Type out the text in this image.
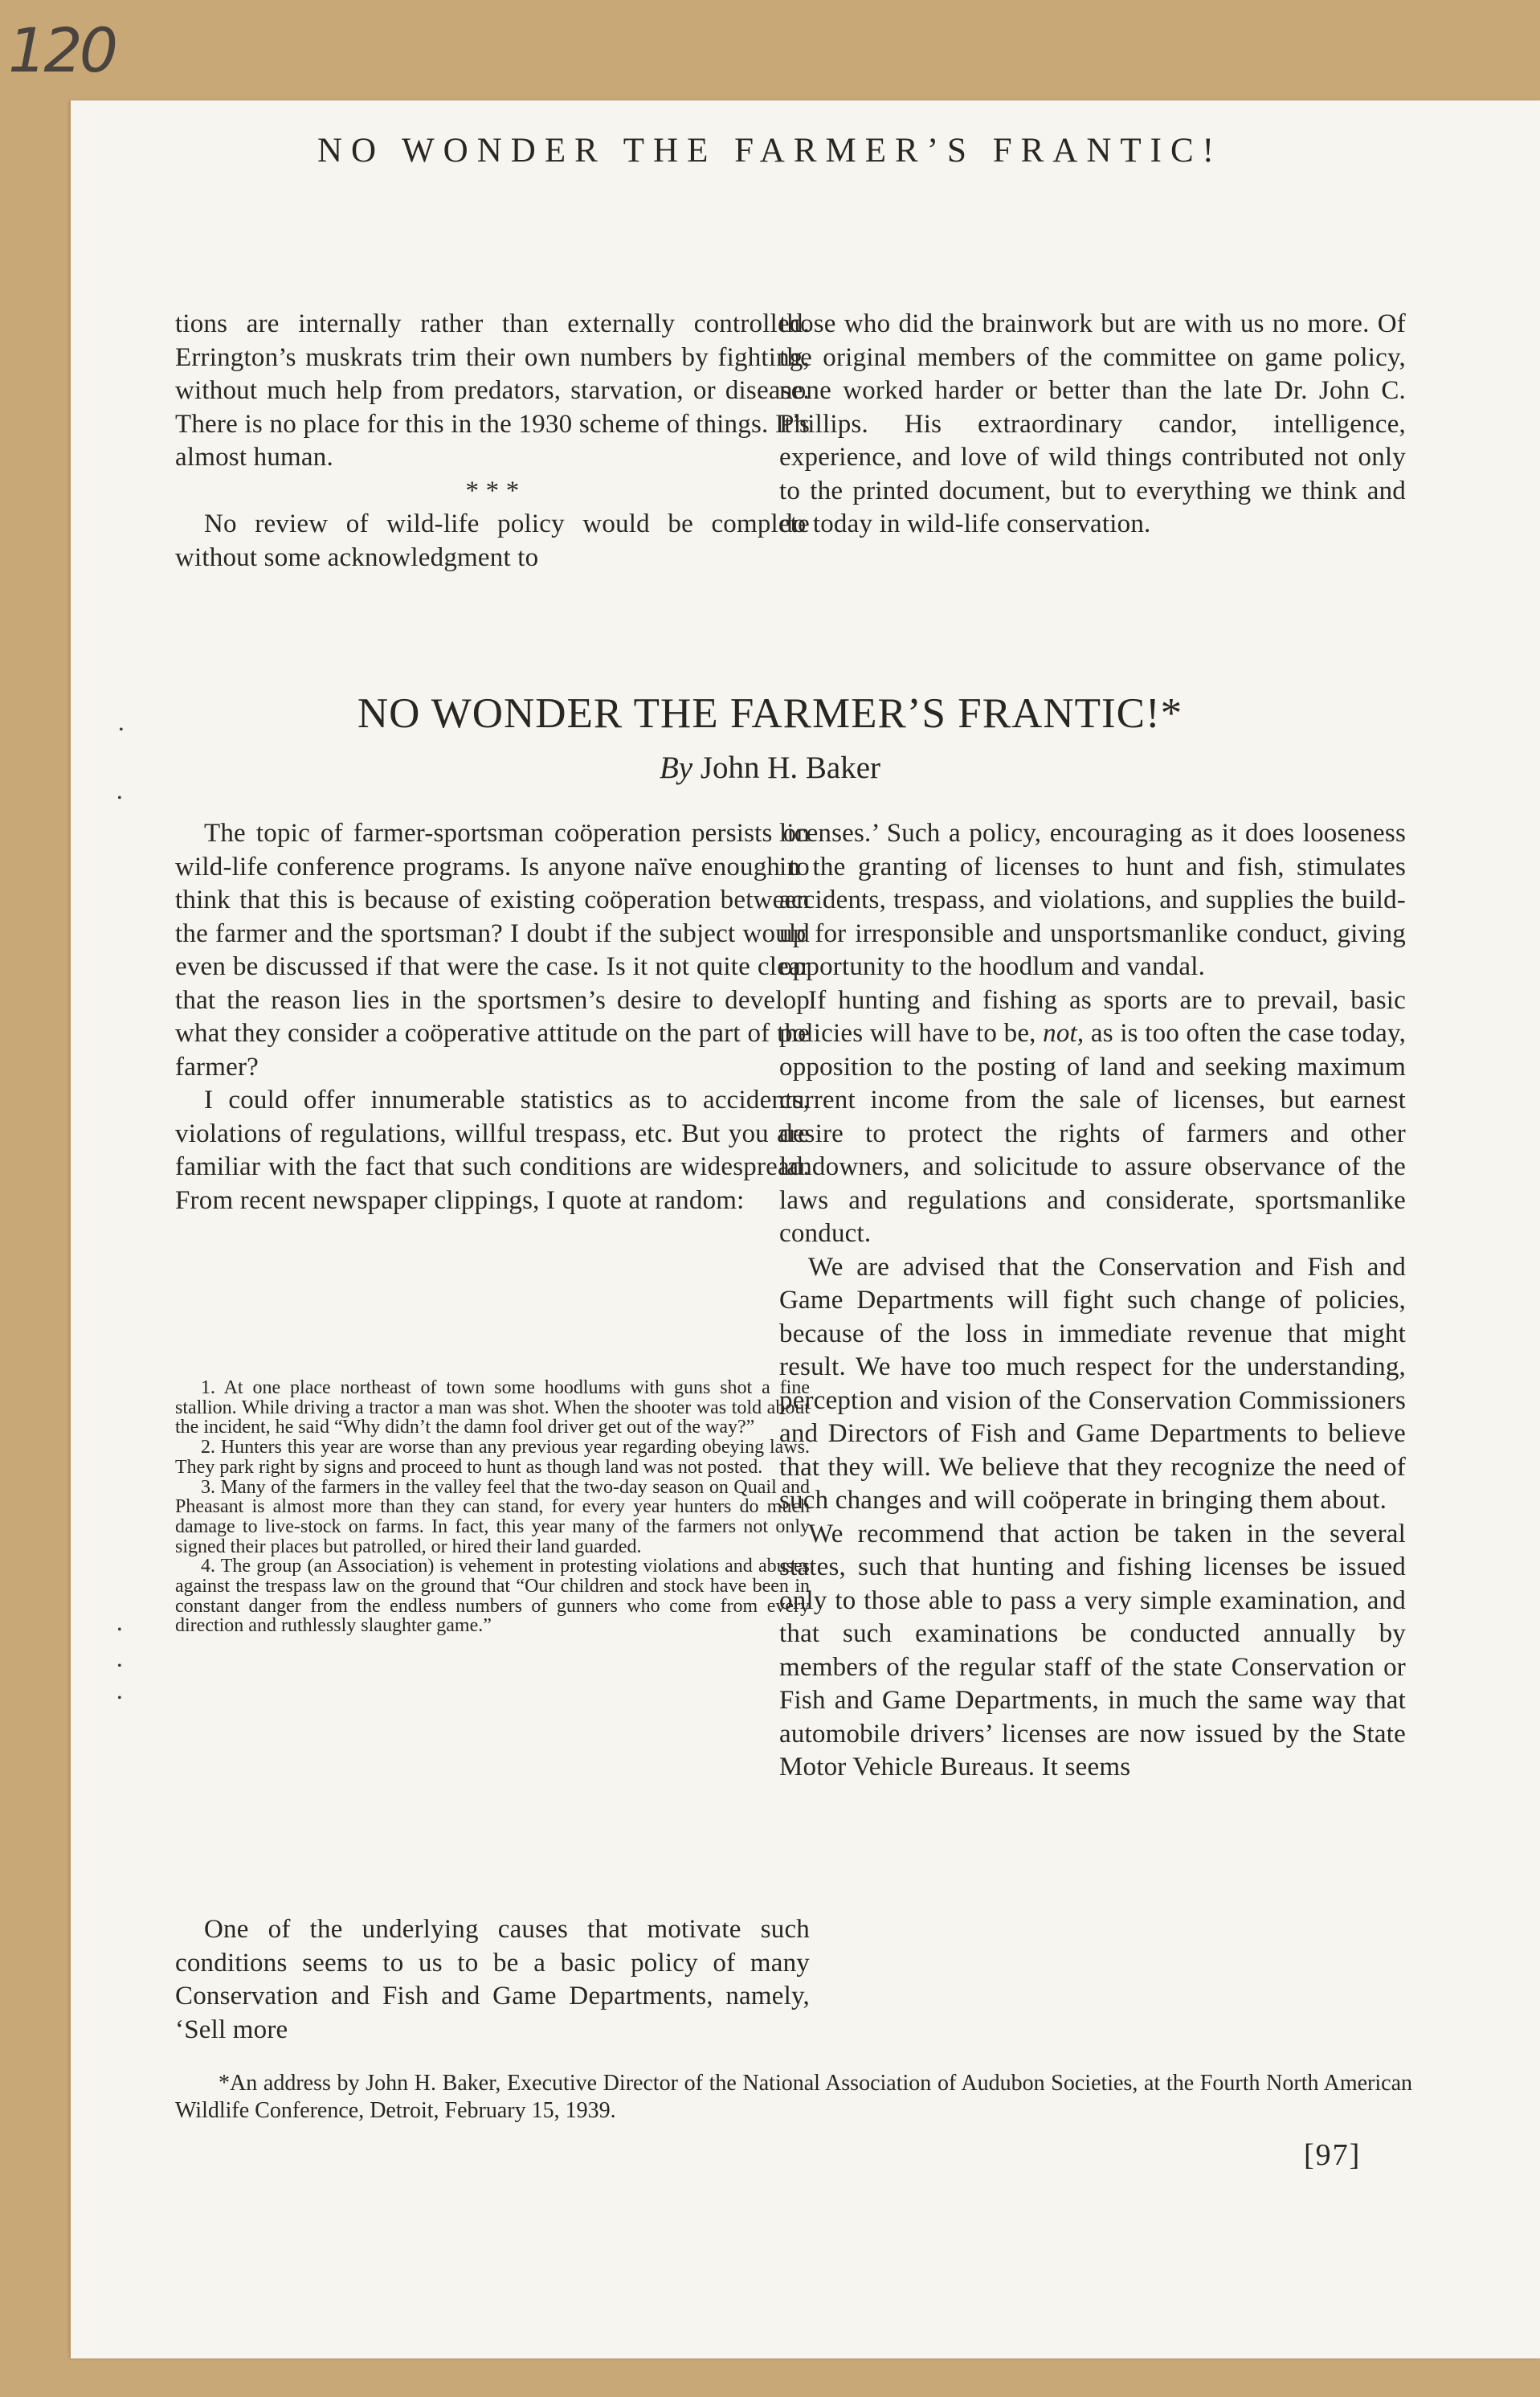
120
•
•
•
•
•
NO WONDER THE FARMER’S FRANTIC!

tions are internally rather than externally controlled. Errington’s muskrats trim their own numbers by fighting, without much help from predators, starvation, or disease. There is no place for this in the 1930 scheme of things. It’s almost human.

* * *

No review of wild-life policy would be complete without some acknowledgment to

those who did the brainwork but are with us no more. Of the original members of the committee on game policy, none worked harder or better than the late Dr. John C. Phillips. His extraordinary candor, intelligence, experience, and love of wild things contributed not only to the printed document, but to everything we think and do today in wild-life conservation.

NO WONDER THE FARMER’S FRANTIC!*
By John H. Baker

The topic of farmer-sportsman coöperation persists on wild-life conference programs. Is anyone naïve enough to think that this is because of existing coöperation between the farmer and the sportsman? I doubt if the subject would even be discussed if that were the case. Is it not quite clear that the reason lies in the sportsmen’s desire to develop what they consider a coöperative attitude on the part of the farmer?

I could offer innumerable statistics as to accidents, violations of regulations, willful trespass, etc. But you are familiar with the fact that such conditions are widespread. From recent newspaper clippings, I quote at random:

1. At one place northeast of town some hoodlums with guns shot a fine stallion. While driving a tractor a man was shot. When the shooter was told about the incident, he said “Why didn’t the damn fool driver get out of the way?”

2. Hunters this year are worse than any previous year regarding obeying laws. They park right by signs and proceed to hunt as though land was not posted.

3. Many of the farmers in the valley feel that the two-day season on Quail and Pheasant is almost more than they can stand, for every year hunters do much damage to live-stock on farms. In fact, this year many of the farmers not only signed their places but patrolled, or hired their land guarded.

4. The group (an Association) is vehement in protesting violations and abuses against the trespass law on the ground that “Our children and stock have been in constant danger from the endless numbers of gunners who come from every direction and ruthlessly slaughter game.”

One of the underlying causes that motivate such conditions seems to us to be a basic policy of many Conservation and Fish and Game Departments, namely, ‘Sell more

licenses.’ Such a policy, encouraging as it does looseness in the granting of licenses to hunt and fish, stimulates accidents, trespass, and violations, and supplies the build-up for irresponsible and unsportsmanlike conduct, giving opportunity to the hoodlum and vandal.

If hunting and fishing as sports are to prevail, basic policies will have to be, not, as is too often the case today, opposition to the posting of land and seeking maximum current income from the sale of licenses, but earnest desire to protect the rights of farmers and other landowners, and solicitude to assure observance of the laws and regulations and considerate, sportsmanlike conduct.

We are advised that the Conservation and Fish and Game Departments will fight such change of policies, because of the loss in immediate revenue that might result. We have too much respect for the understanding, perception and vision of the Conservation Commissioners and Directors of Fish and Game Departments to believe that they will. We believe that they recognize the need of such changes and will coöperate in bringing them about.

We recommend that action be taken in the several states, such that hunting and fishing licenses be issued only to those able to pass a very simple examination, and that such examinations be conducted annually by members of the regular staff of the state Conservation or Fish and Game Departments, in much the same way that automobile drivers’ licenses are now issued by the State Motor Vehicle Bureaus. It seems

*An address by John H. Baker, Executive Director of the National Association of Audubon Societies, at the Fourth North American Wildlife Conference, Detroit, February 15, 1939.

[97]
